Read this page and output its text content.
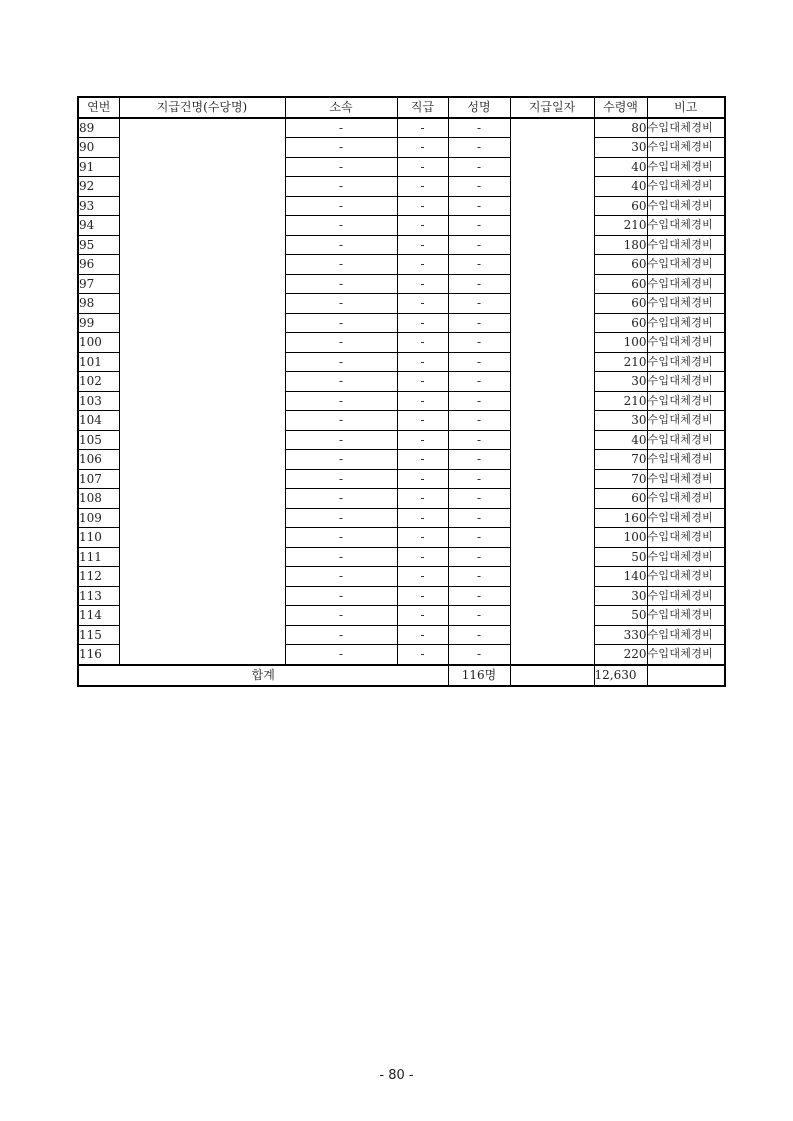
연번	지급건명(수당명)	소속	직급	성명	지급일자	수령액	비고
89		-	-	-		80	수입대체경비
90		-	-	-		30	수입대체경비
91		-	-	-		40	수입대체경비
92		-	-	-		40	수입대체경비
93		-	-	-		60	수입대체경비
94		-	-	-		210	수입대체경비
95		-	-	-		180	수입대체경비
96		-	-	-		60	수입대체경비
97		-	-	-		60	수입대체경비
98		-	-	-		60	수입대체경비
99		-	-	-		60	수입대체경비
100		-	-	-		100	수입대체경비
101		-	-	-		210	수입대체경비
102		-	-	-		30	수입대체경비
103		-	-	-		210	수입대체경비
104		-	-	-		30	수입대체경비
105		-	-	-		40	수입대체경비
106		-	-	-		70	수입대체경비
107		-	-	-		70	수입대체경비
108		-	-	-		60	수입대체경비
109		-	-	-		160	수입대체경비
110		-	-	-		100	수입대체경비
111		-	-	-		50	수입대체경비
112		-	-	-		140	수입대체경비
113		-	-	-		30	수입대체경비
114		-	-	-		50	수입대체경비
115		-	-	-		330	수입대체경비
116		-	-	-		220	수입대체경비
합계				116명		12,630	
- 80 -
